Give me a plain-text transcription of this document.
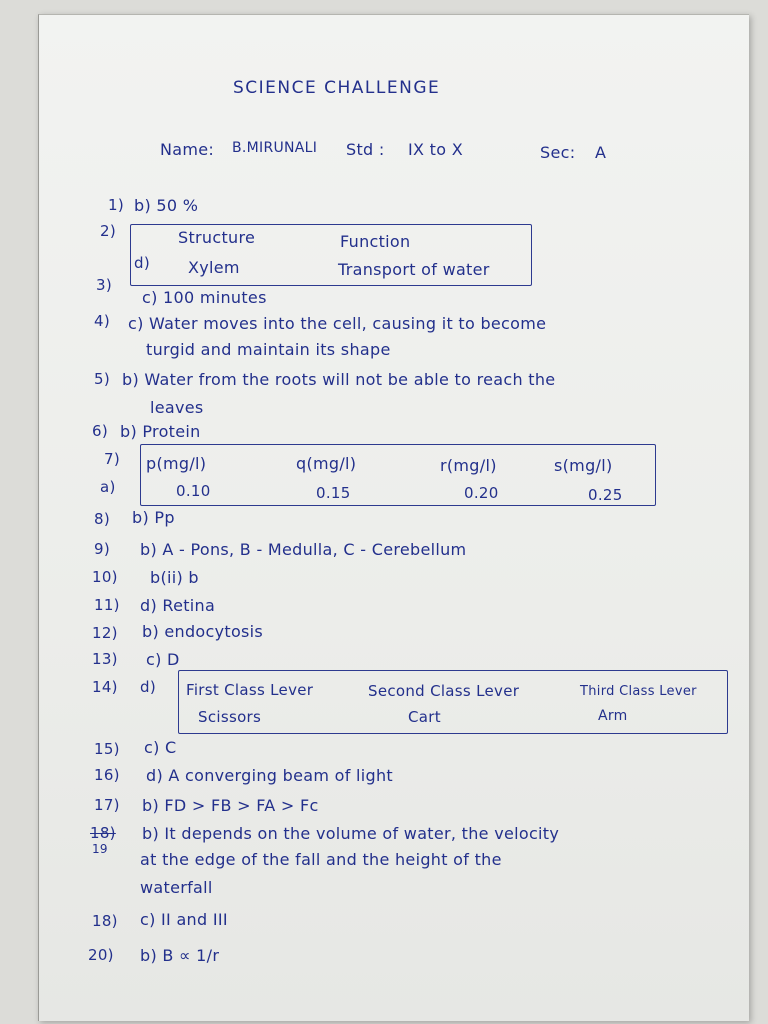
SCIENCE CHALLENGE
Name: B.MIRUNALI Std : IX to X	Sec: A
1) b) 50 %
2)
d)
Structure	Function
Xylem	Transport of water
3)
c) 100 minutes
4) c) Water moves into the cell, causing it to become
turgid and maintain its shape
5) b) Water from the roots will not be able to reach the
leaves
6) b) Protein
7)
a)
p(mg/l)	q(mg/l)	r(mg/l)	s(mg/l)
0.10	0.15	0.20	0.25
8) b) Pp
9) b) A - Pons, B - Medulla, C - Cerebellum
10) b(ii) b
11) d) Retina
12) b) endocytosis
13) c) D
14) d) First Class Lever	Second Class Lever	Third Class Lever
Scissors	Cart	Arm
15) c) C
16) d) A converging beam of light
17) b) FD > FB > FA > Fc
18)
19
b) It depends on the volume of water, the velocity
at the edge of the fall and the height of the
waterfall
18) c) II and III
20) b) B ∝ 1/r
